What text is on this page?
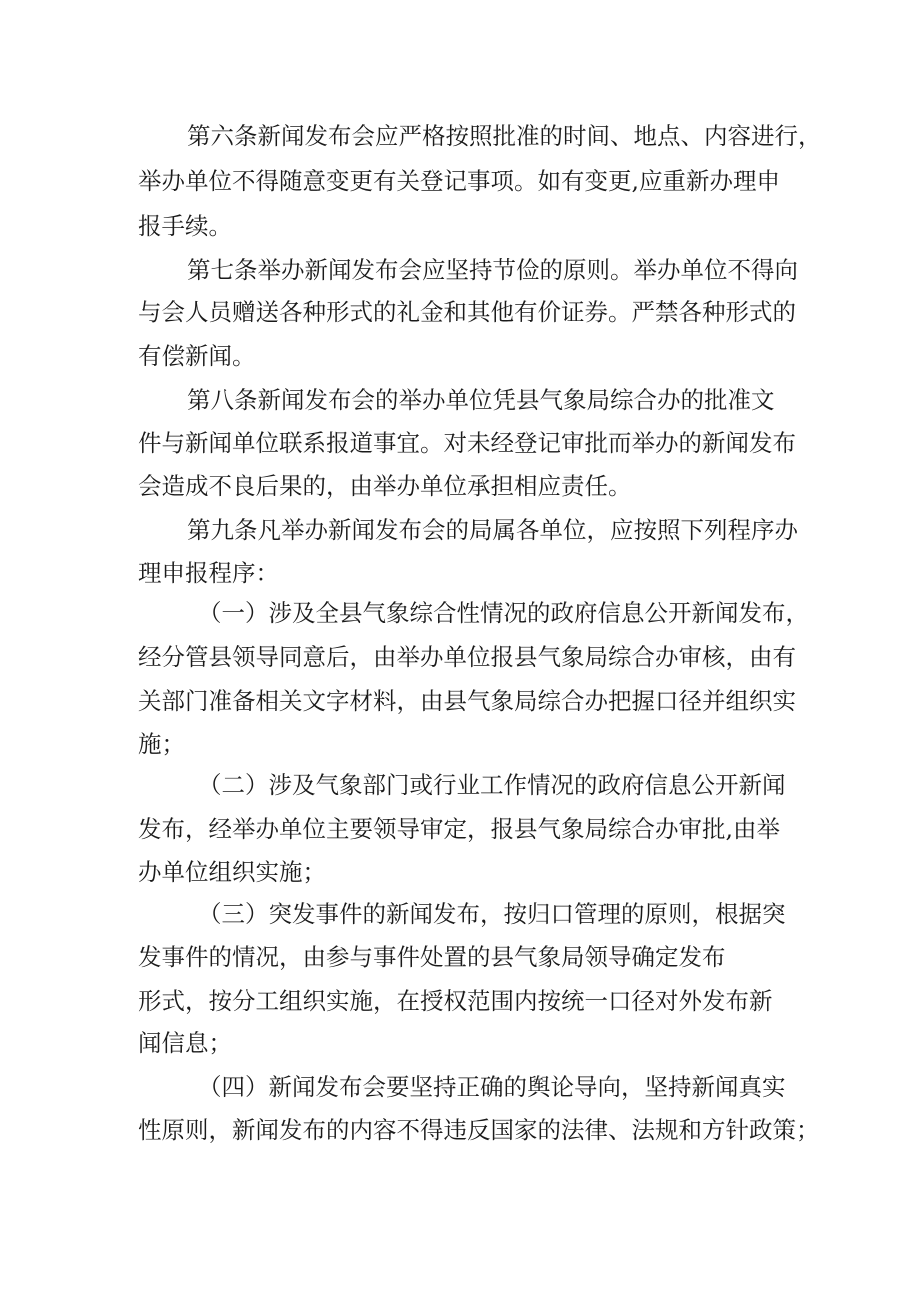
第六条新闻发布会应严格按照批准的时间、地点、内容进行，
举办单位不得随意变更有关登记事项。如有变更,应重新办理申
报手续。
第七条举办新闻发布会应坚持节俭的原则。举办单位不得向
与会人员赠送各种形式的礼金和其他有价证券。严禁各种形式的
有偿新闻。
第八条新闻发布会的举办单位凭县气象局综合办的批准文
件与新闻单位联系报道事宜。对未经登记审批而举办的新闻发布
会造成不良后果的，由举办单位承担相应责任。
第九条凡举办新闻发布会的局属各单位，应按照下列程序办
理申报程序：
（一）涉及全县气象综合性情况的政府信息公开新闻发布，
经分管县领导同意后，由举办单位报县气象局综合办审核，由有
关部门准备相关文字材料，由县气象局综合办把握口径并组织实
施；
（二）涉及气象部门或行业工作情况的政府信息公开新闻
发布，经举办单位主要领导审定，报县气象局综合办审批,由举
办单位组织实施；
（三）突发事件的新闻发布，按归口管理的原则，根据突
发事件的情况，由参与事件处置的县气象局领导确定发布
形式，按分工组织实施，在授权范围内按统一口径对外发布新
闻信息；
（四）新闻发布会要坚持正确的舆论导向，坚持新闻真实
性原则，新闻发布的内容不得违反国家的法律、法规和方针政策；
